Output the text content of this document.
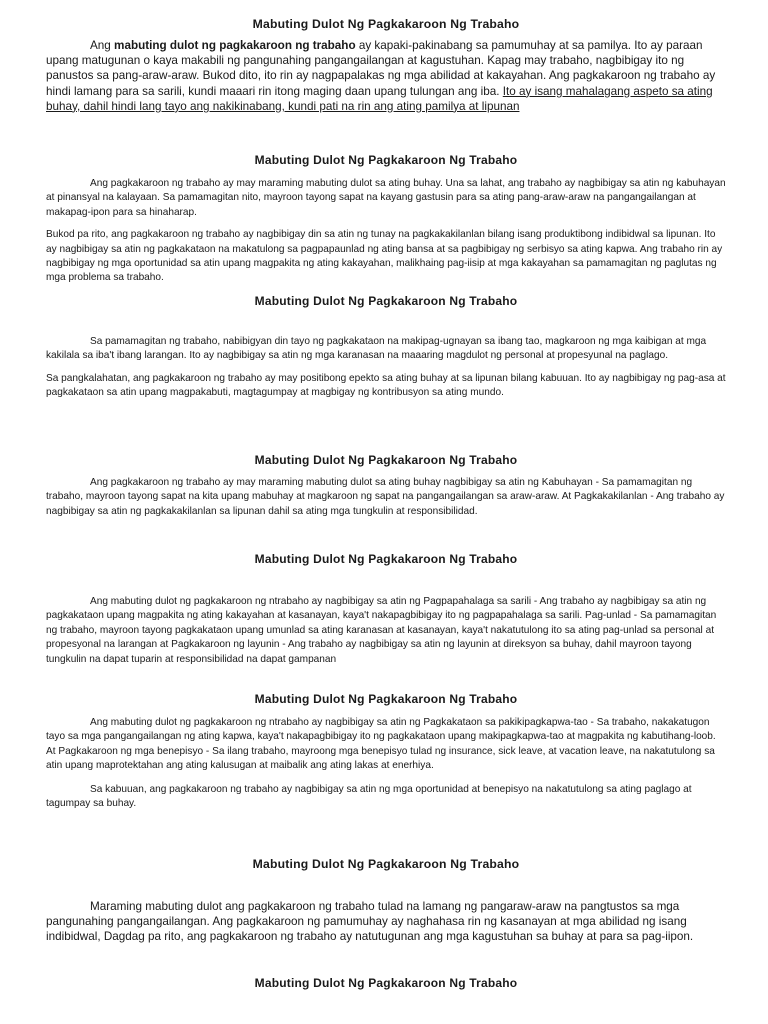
Mabuting Dulot Ng Pagkakaroon Ng Trabaho

Ang mabuting dulot ng pagkakaroon ng trabaho ay kapaki-pakinabang sa pamumuhay at sa pamilya. Ito ay paraan upang matugunan o kaya makabili ng pangunahing pangangailangan at kagustuhan. Kapag may trabaho, nagbibigay ito ng panustos sa pang-araw-araw. Bukod dito, ito rin ay nagpapalakas ng mga abilidad at kakayahan. Ang pagkakaroon ng trabaho ay hindi lamang para sa sarili, kundi maaari rin itong maging daan upang tulungan ang iba. Ito ay isang mahalagang aspeto sa ating buhay, dahil hindi lang tayo ang nakikinabang, kundi pati na rin ang ating pamilya at lipunan

Mabuting Dulot Ng Pagkakaroon Ng Trabaho

Ang pagkakaroon ng trabaho ay may maraming mabuting dulot sa ating buhay. Una sa lahat, ang trabaho ay nagbibigay sa atin ng kabuhayan at pinansyal na kalayaan. Sa pamamagitan nito, mayroon tayong sapat na kayang gastusin para sa ating pang-araw-araw na pangangailangan at makapag-ipon para sa hinaharap.

Bukod pa rito, ang pagkakaroon ng trabaho ay nagbibigay din sa atin ng tunay na pagkakakilanlan bilang isang produktibong indibidwal sa lipunan. Ito ay nagbibigay sa atin ng pagkakataon na makatulong sa pagpapaunlad ng ating bansa at sa pagbibigay ng serbisyo sa ating kapwa. Ang trabaho rin ay nagbibigay ng mga oportunidad sa atin upang magpakita ng ating kakayahan, malikhaing pag-iisip at mga kakayahan sa pamamagitan ng paglutas ng mga problema sa trabaho.

Mabuting Dulot Ng Pagkakaroon Ng Trabaho

Sa pamamagitan ng trabaho, nabibigyan din tayo ng pagkakataon na makipag-ugnayan sa ibang tao, magkaroon ng mga kaibigan at mga kakilala sa iba't ibang larangan. Ito ay nagbibigay sa atin ng mga karanasan na maaaring magdulot ng personal at propesyunal na paglago.

Sa pangkalahatan, ang pagkakaroon ng trabaho ay may positibong epekto sa ating buhay at sa lipunan bilang kabuuan. Ito ay nagbibigay ng pag-asa at pagkakataon sa atin upang magpakabuti, magtagumpay at magbigay ng kontribusyon sa ating mundo.

Mabuting Dulot Ng Pagkakaroon Ng Trabaho

Ang pagkakaroon ng trabaho ay may maraming mabuting dulot sa ating buhay nagbibigay sa atin ng Kabuhayan - Sa pamamagitan ng trabaho, mayroon tayong sapat na kita upang mabuhay at magkaroon ng sapat na pangangailangan sa araw-araw. At Pagkakakilanlan - Ang trabaho ay nagbibigay sa atin ng pagkakakilanlan sa lipunan dahil sa ating mga tungkulin at responsibilidad.

Mabuting Dulot Ng Pagkakaroon Ng Trabaho

Ang mabuting dulot ng pagkakaroon ng ntrabaho ay nagbibigay sa atin ng Pagpapahalaga sa sarili - Ang trabaho ay nagbibigay sa atin ng pagkakataon upang magpakita ng ating kakayahan at kasanayan, kaya't nakapagbibigay ito ng pagpapahalaga sa sarili. Pag-unlad - Sa pamamagitan ng trabaho, mayroon tayong pagkakataon upang umunlad sa ating karanasan at kasanayan, kaya't nakatutulong ito sa ating pag-unlad sa personal at propesyonal na larangan at Pagkakaroon ng layunin - Ang trabaho ay nagbibigay sa atin ng layunin at direksyon sa buhay, dahil mayroon tayong tungkulin na dapat tuparin at responsibilidad na dapat gampanan

Mabuting Dulot Ng Pagkakaroon Ng Trabaho

Ang mabuting dulot ng pagkakaroon ng ntrabaho ay nagbibigay sa atin ng Pagkakataon sa pakikipagkapwa-tao - Sa trabaho, nakakatugon tayo sa mga pangangailangan ng ating kapwa, kaya't nakapagbibigay ito ng pagkakataon upang makipagkapwa-tao at magpakita ng kabutihang-loob. At Pagkakaroon ng mga benepisyo - Sa ilang trabaho, mayroong mga benepisyo tulad ng insurance, sick leave, at vacation leave, na nakatutulong sa atin upang maprotektahan ang ating kalusugan at maibalik ang ating lakas at enerhiya.

Sa kabuuan, ang pagkakaroon ng trabaho ay nagbibigay sa atin ng mga oportunidad at benepisyo na nakatutulong sa ating paglago at tagumpay sa buhay.

Mabuting Dulot Ng Pagkakaroon Ng Trabaho

Maraming mabuting dulot ang pagkakaroon ng trabaho tulad na lamang ng pangaraw-araw na pangtustos sa mga pangunahing pangangailangan. Ang pagkakaroon ng pamumuhay ay naghahasa rin ng kasanayan at mga abilidad ng isang indibidwal, Dagdag pa rito, ang pagkakaroon ng trabaho ay natutugunan ang mga kagustuhan sa buhay at para sa pag-iipon.

Mabuting Dulot Ng Pagkakaroon Ng Trabaho
